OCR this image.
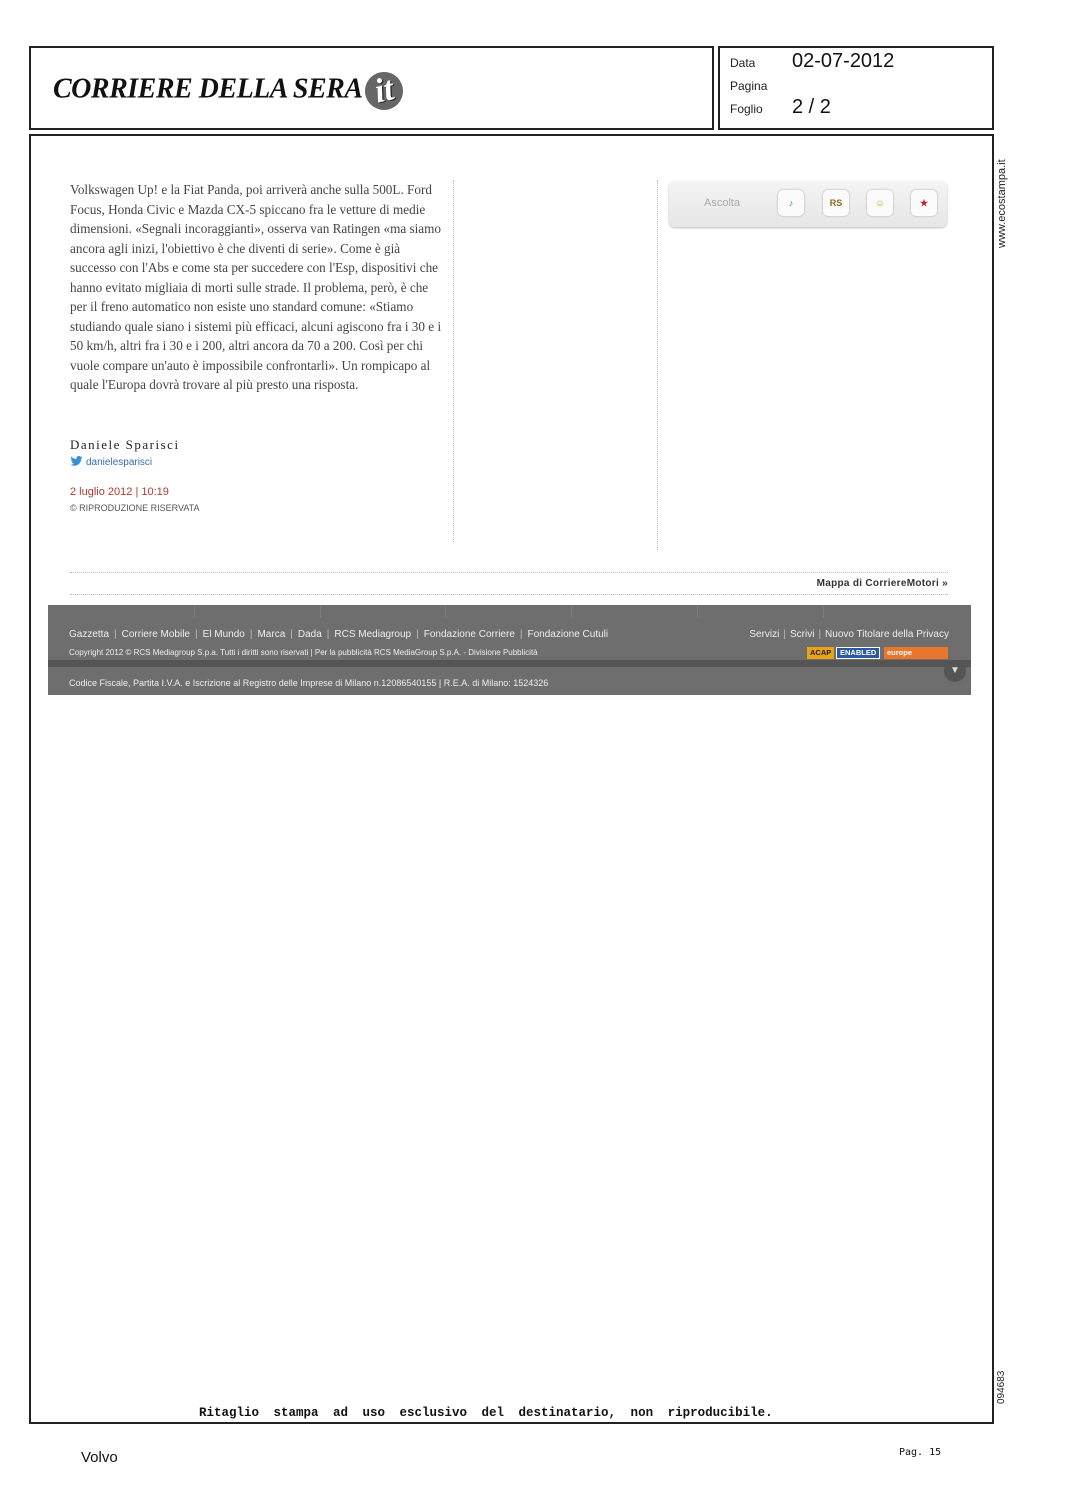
CORRIERE DELLA SERA it
Data 02-07-2012
Pagina
Foglio 2 / 2
www.ecostampa.it
094683

Volkswagen Up! e la Fiat Panda, poi arriverà anche sulla 500L. Ford Focus, Honda Civic e Mazda CX-5 spiccano fra le vetture di medie dimensioni. «Segnali incoraggianti», osserva van Ratingen «ma siamo ancora agli inizi, l'obiettivo è che diventi di serie». Come è già successo con l'Abs e come sta per succedere con l'Esp, dispositivi che hanno evitato migliaia di morti sulle strade. Il problema, però, è che per il freno automatico non esiste uno standard comune: «Stiamo studiando quale siano i sistemi più efficaci, alcuni agiscono fra i 30 e i 50 km/h, altri fra i 30 e i 200, altri ancora da 70 a 200. Così per chi vuole compare un'auto è impossibile confrontarli». Un rompicapo al quale l'Europa dovrà trovare al più presto una risposta.

Daniele Sparisci
danielesparisci
2 luglio 2012 | 10:19
© RIPRODUZIONE RISERVATA
Ascolta	♪	RS	☺	★
Mappa di CorriereMotori »
Gazzetta | Corriere Mobile | El Mundo | Marca | Dada | RCS Mediagroup | Fondazione Corriere | Fondazione Cutuli	Servizi | Scrivi | Nuovo Titolare della Privacy
Copyright 2012 © RCS Mediagroup S.p.a. Tutti i diritti sono riservati | Per la pubblicità RCS MediaGroup S.p.A. - Divisione Pubblicità	ACAP	ENABLED	europe
▼
Codice Fiscale, Partita I.V.A. e Iscrizione al Registro delle Imprese di Milano n.12086540155 | R.E.A. di Milano: 1524326
Ritaglio stampa ad uso esclusivo del destinatario, non riproducibile.
Volvo	Pag. 15
